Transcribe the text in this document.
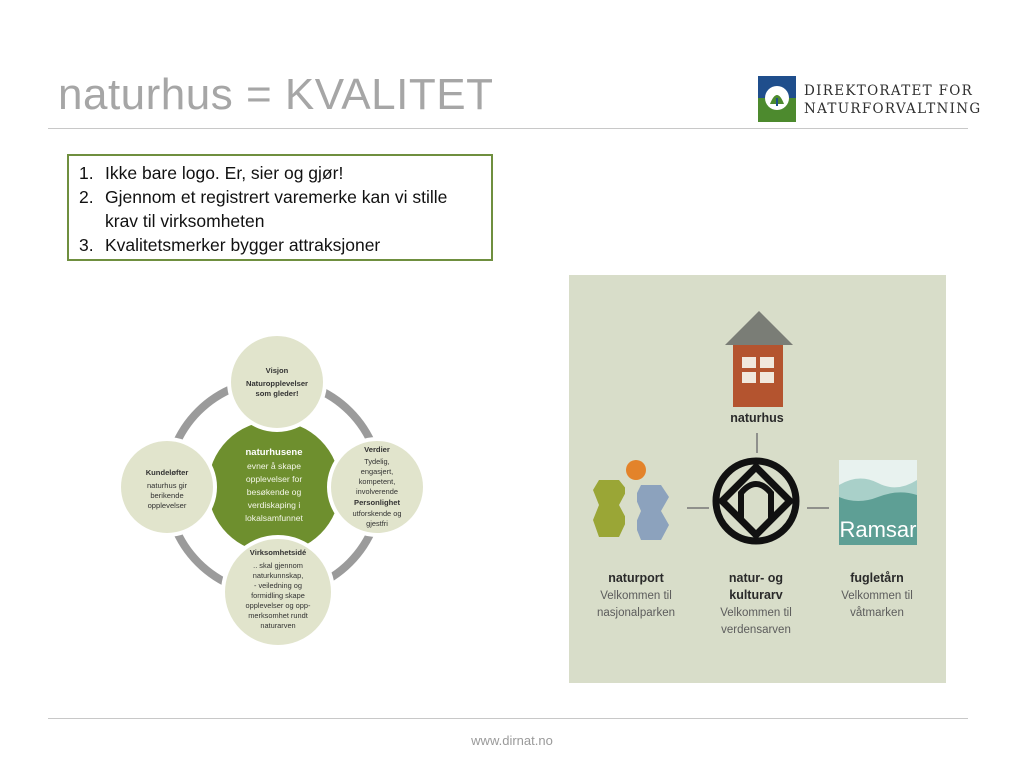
naturhus = KVALITET	DIREKTORATET FOR
NATURFORVALTNING
1. Ikke bare logo. Er, sier og gjør!
2. Gjennom et registrert varemerke kan vi stille krav til virksomheten
3. Kvalitetsmerker bygger attraksjoner
naturhusene
evner å skape
opplevelser for
besøkende og
verdiskaping i
lokalsamfunnet
Visjon
Naturopplevelser
som gleder!
Kundeløfter
naturhus gir
berikende
opplevelser
Verdier
Tydelig,
engasjert,
kompetent,
involverende
Personlighet
utforskende og
gjestfri
Virksomhetsidé
.. skal gjennom
naturkunnskap,
- veiledning og
formidling skape
opplevelser og opp-
merksomhet rundt
naturarven
naturhus
Ramsar
naturport
Velkommen til
nasjonalparken
natur- og
kulturarv
Velkommen til
verdensarven
fugletårn
Velkommen til
våtmarken
www.dirnat.no
